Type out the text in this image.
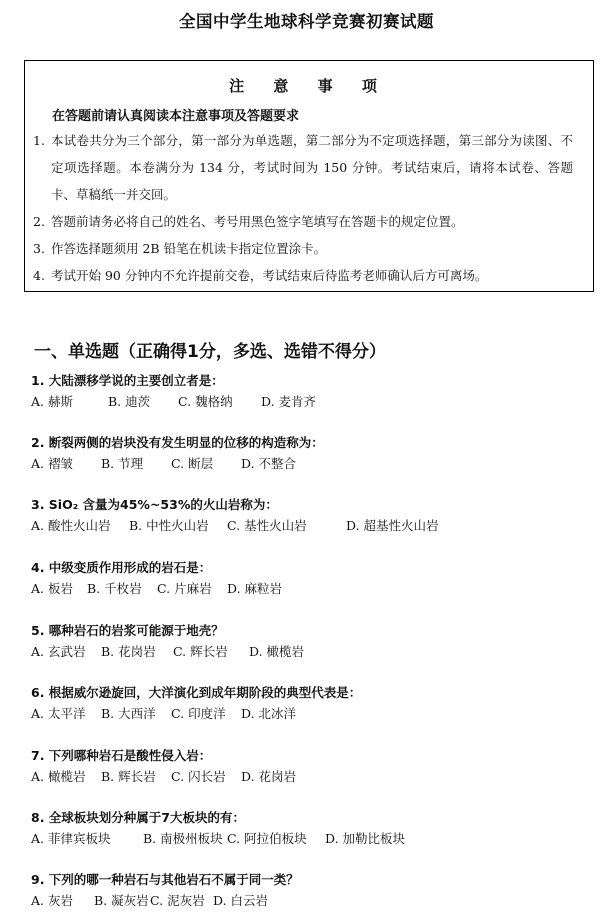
全国中学生地球科学竞赛初赛试题
注 意 事 项
在答题前请认真阅读本注意事项及答题要求
1. 本试卷共分为三个部分，第一部分为单选题，第二部分为不定项选择题，第三部分为读图、不定项选择题。本卷满分为 134 分，考试时间为 150 分钟。考试结束后，请将本试卷、答题卡、草稿纸一并交回。
2. 答题前请务必将自己的姓名、考号用黑色签字笔填写在答题卡的规定位置。
3. 作答选择题须用 2B 铅笔在机读卡指定位置涂卡。
4. 考试开始 90 分钟内不允许提前交卷，考试结束后待监考老师确认后方可离场。
一、单选题（正确得1分，多选、选错不得分）
1. 大陆漂移学说的主要创立者是：
A. 赫斯	B. 迪茨 C. 魏格纳 D. 麦肯齐
2. 断裂两侧的岩块没有发生明显的位移的构造称为：
A. 褶皱 B. 节理 C. 断层 D. 不整合
3. SiO₂ 含量为45%~53%的火山岩称为：
A. 酸性火山岩 B. 中性火山岩 C. 基性火山岩	D. 超基性火山岩
4. 中级变质作用形成的岩石是：
A. 板岩 B. 千枚岩 C. 片麻岩 D. 麻粒岩
5. 哪种岩石的岩浆可能源于地壳？
A. 玄武岩 B. 花岗岩 C. 辉长岩 D. 橄榄岩
6. 根据威尔逊旋回，大洋演化到成年期阶段的典型代表是：
A. 太平洋 B. 大西洋 C. 印度洋 D. 北冰洋
7. 下列哪种岩石是酸性侵入岩：
A. 橄榄岩 B. 辉长岩 C. 闪长岩 D. 花岗岩
8. 全球板块划分种属于7大板块的有：
A. 菲律宾板块	B. 南极州板块 C. 阿拉伯板块 D. 加勒比板块
9. 下列的哪一种岩石与其他岩石不属于同一类？
A. 灰岩 B. 凝灰岩 C. 泥灰岩 D. 白云岩
